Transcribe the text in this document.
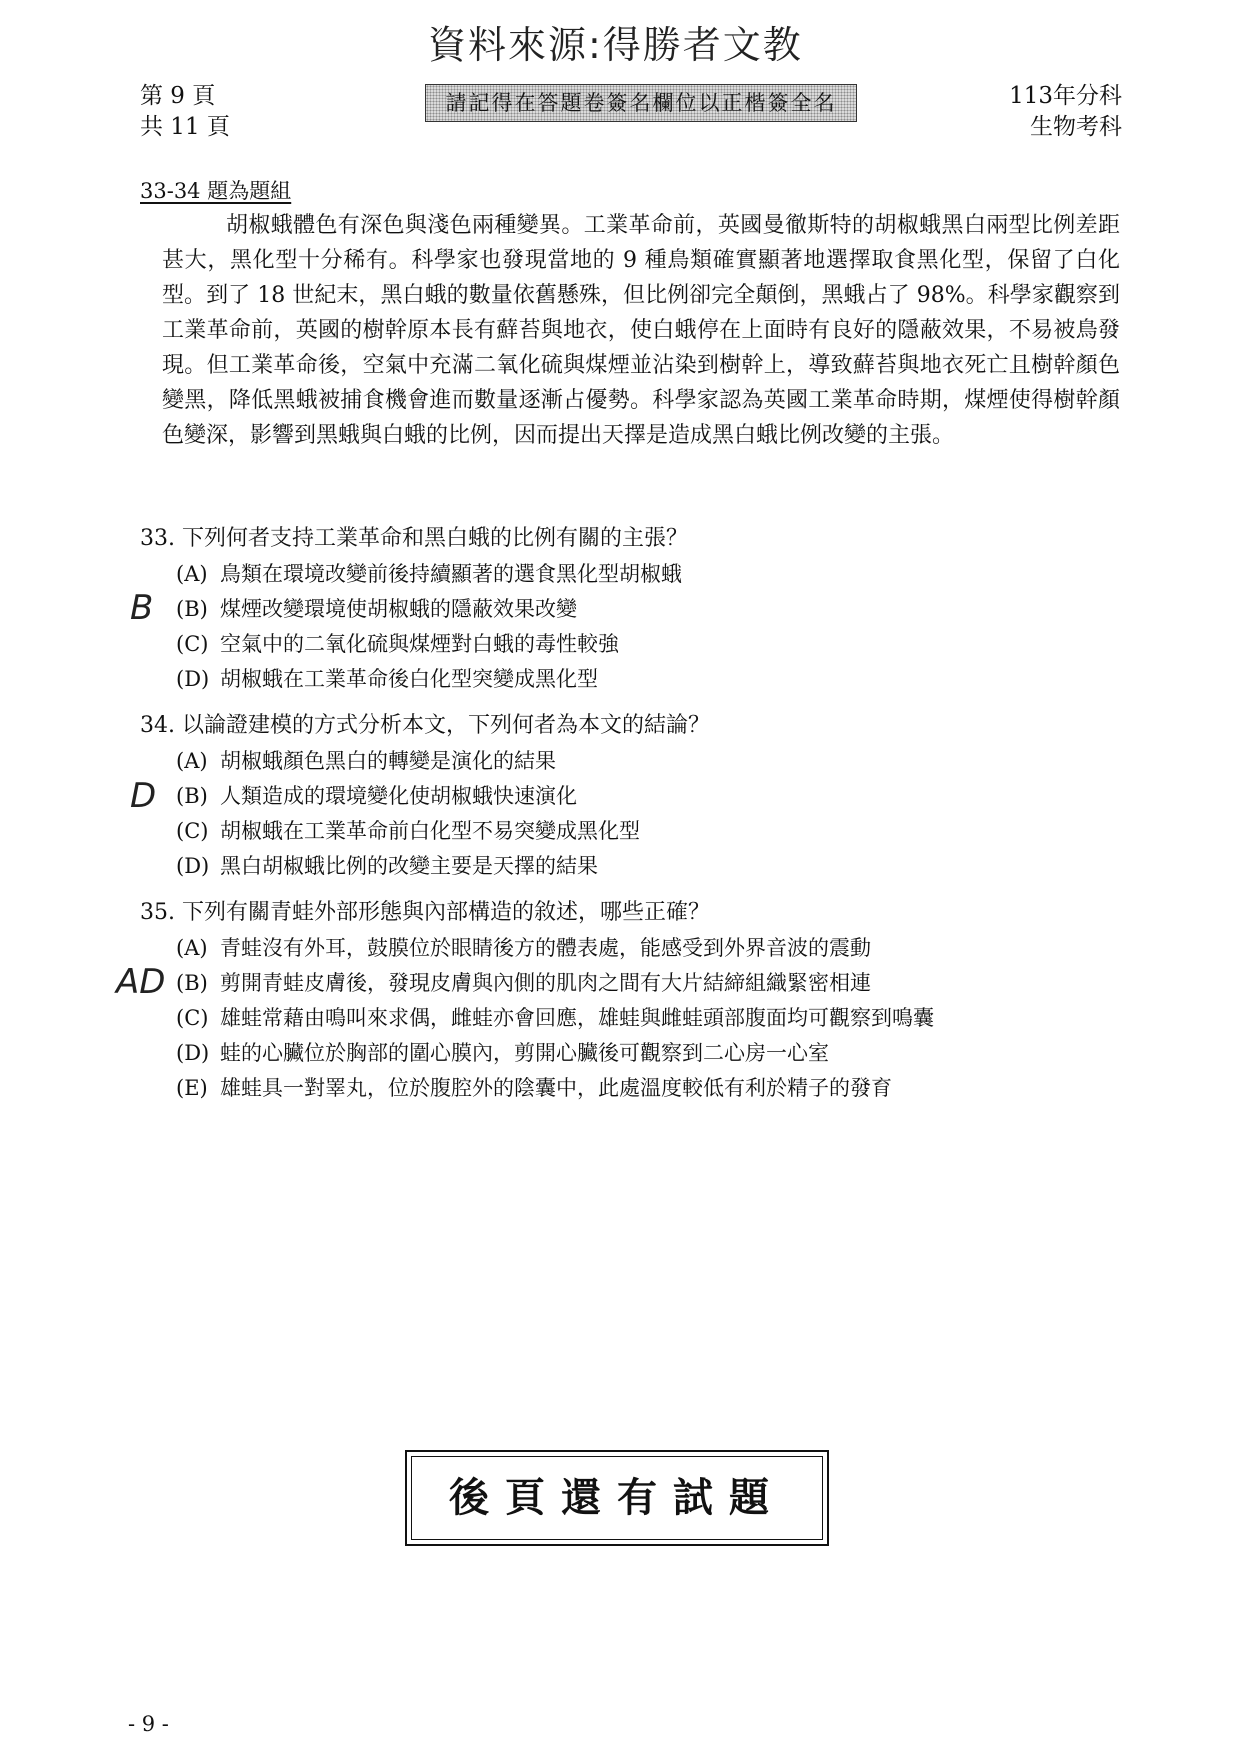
資料來源:得勝者文教
第 9 頁
共 11 頁
請記得在答題卷簽名欄位以正楷簽全名	113年分科
生物考科
33-34 題為題組
胡椒蛾體色有深色與淺色兩種變異。工業革命前，英國曼徹斯特的胡椒蛾黑白兩型比例差距甚大，黑化型十分稀有。科學家也發現當地的 9 種鳥類確實顯著地選擇取食黑化型，保留了白化型。到了 18 世紀末，黑白蛾的數量依舊懸殊，但比例卻完全顛倒，黑蛾占了 98%。科學家觀察到工業革命前，英國的樹幹原本長有蘚苔與地衣，使白蛾停在上面時有良好的隱蔽效果，不易被鳥發現。但工業革命後，空氣中充滿二氧化硫與煤煙並沾染到樹幹上，導致蘚苔與地衣死亡且樹幹顏色變黑，降低黑蛾被捕食機會進而數量逐漸占優勢。科學家認為英國工業革命時期，煤煙使得樹幹顏色變深，影響到黑蛾與白蛾的比例，因而提出天擇是造成黑白蛾比例改變的主張。
33. 下列何者支持工業革命和黑白蛾的比例有關的主張？
B
(A) 鳥類在環境改變前後持續顯著的選食黑化型胡椒蛾
(B) 煤煙改變環境使胡椒蛾的隱蔽效果改變
(C) 空氣中的二氧化硫與煤煙對白蛾的毒性較強
(D) 胡椒蛾在工業革命後白化型突變成黑化型
34. 以論證建模的方式分析本文，下列何者為本文的結論？
D
(A) 胡椒蛾顏色黑白的轉變是演化的結果
(B) 人類造成的環境變化使胡椒蛾快速演化
(C) 胡椒蛾在工業革命前白化型不易突變成黑化型
(D) 黑白胡椒蛾比例的改變主要是天擇的結果
35. 下列有關青蛙外部形態與內部構造的敘述，哪些正確？
AD
(A) 青蛙沒有外耳，鼓膜位於眼睛後方的體表處，能感受到外界音波的震動
(B) 剪開青蛙皮膚後，發現皮膚與內側的肌肉之間有大片結締組織緊密相連
(C) 雄蛙常藉由鳴叫來求偶，雌蛙亦會回應，雄蛙與雌蛙頭部腹面均可觀察到鳴囊
(D) 蛙的心臟位於胸部的圍心膜內，剪開心臟後可觀察到二心房一心室
(E) 雄蛙具一對睪丸，位於腹腔外的陰囊中，此處溫度較低有利於精子的發育
後頁還有試題
- 9 -
